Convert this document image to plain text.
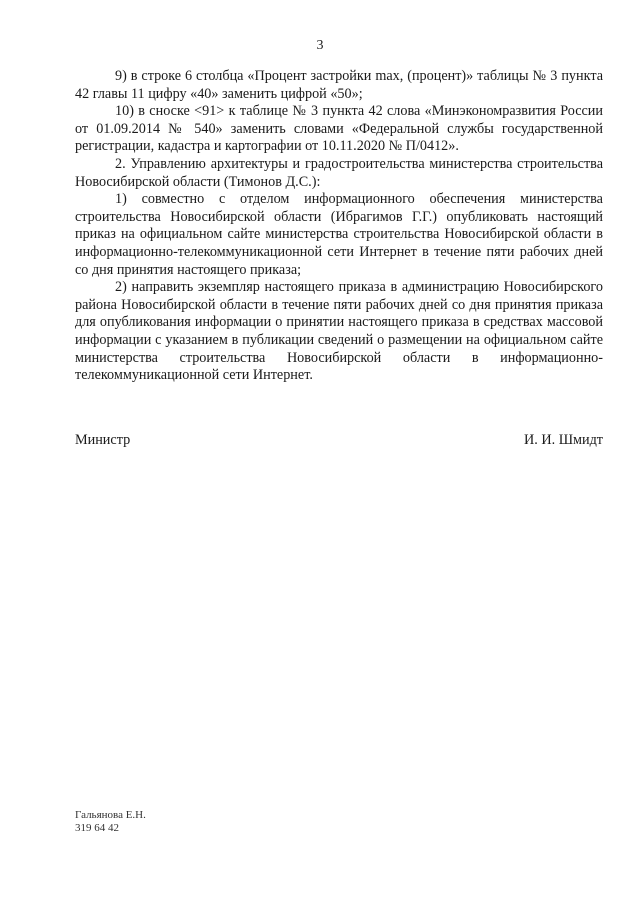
3

9) в строке 6 столбца «Процент застройки max, (процент)» таблицы № 3 пункта 42 главы 11 цифру «40» заменить цифрой «50»;

10) в сноске <91> к таблице № 3 пункта 42 слова «Минэкономразвития России от 01.09.2014 № 540» заменить словами «Федеральной службы государственной регистрации, кадастра и картографии от 10.11.2020 № П/0412».

2. Управлению архитектуры и градостроительства министерства строительства Новосибирской области (Тимонов Д.С.):

1) совместно с отделом информационного обеспечения министерства строительства Новосибирской области (Ибрагимов Г.Г.) опубликовать настоящий приказ на официальном сайте министерства строительства Новосибирской области в информационно-телекоммуникационной сети Интернет в течение пяти рабочих дней со дня принятия настоящего приказа;

2) направить экземпляр настоящего приказа в администрацию Новосибирского района Новосибирской области в течение пяти рабочих дней со дня принятия приказа для опубликования информации о принятии настоящего приказа в средствах массовой информации с указанием в публикации сведений о размещении на официальном сайте министерства строительства Новосибирской области в информационно-телекоммуникационной сети Интернет.

Министр	И. И. Шмидт
Гальянова Е.Н.
319 64 42
